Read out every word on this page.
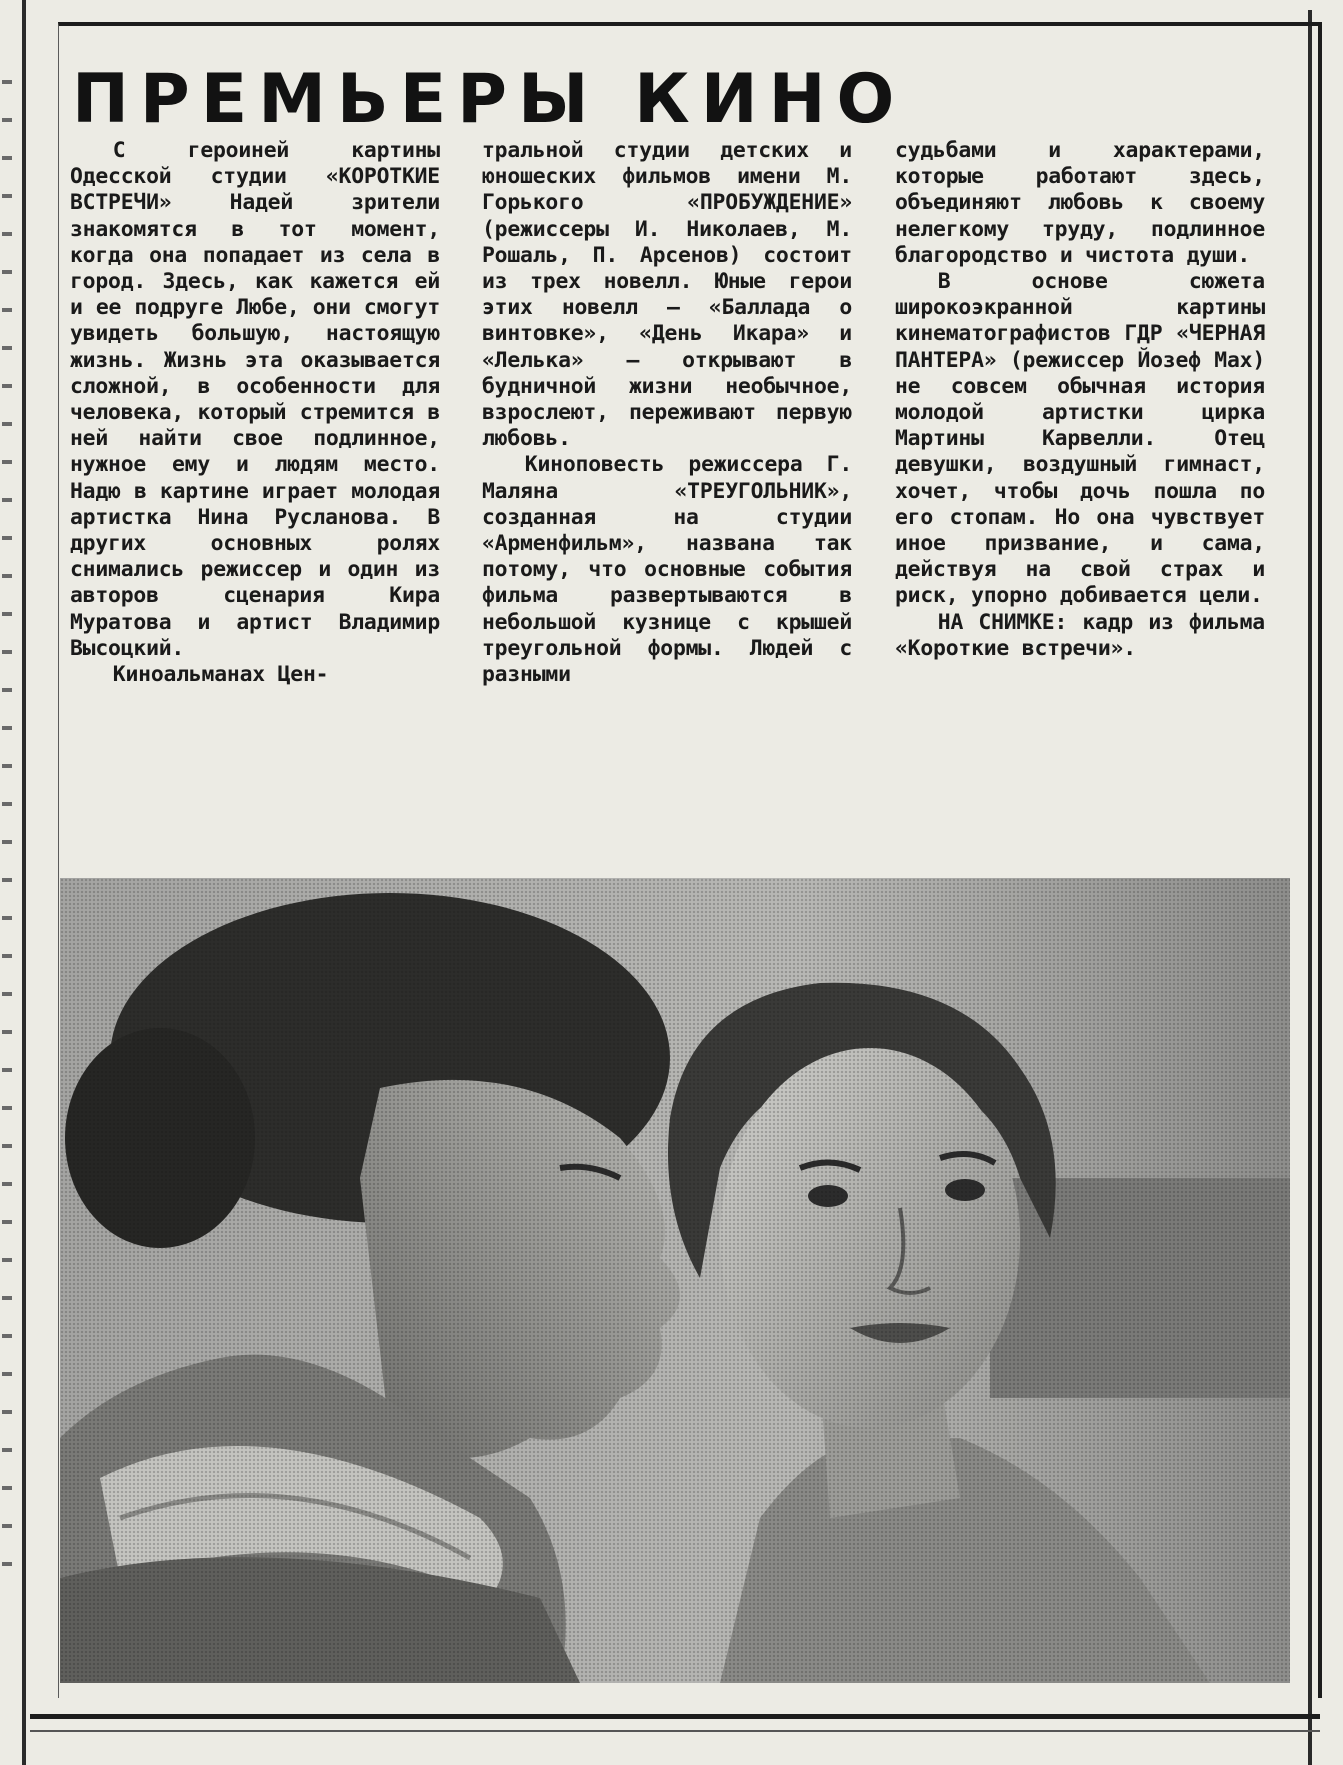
ПРЕМЬЕРЫ КИНО

С героиней картины Одесской студии «КОРОТКИЕ ВСТРЕЧИ» Надей зрители знакомятся в тот момент, когда она попадает из села в город. Здесь, как кажется ей и ее подруге Любе, они смогут увидеть большую, настоящую жизнь. Жизнь эта оказывается сложной, в особенности для человека, который стремится в ней найти свое подлинное, нужное ему и людям место. Надю в картине играет молодая артистка Нина Русланова. В других основных ролях снимались режиссер и один из авторов сценария Кира Муратова и артист Владимир Высоцкий.

Киноальманах Цен-

тральной студии детских и юношеских фильмов имени М. Горького «ПРОБУЖДЕНИЕ» (режиссеры И. Николаев, М. Рошаль, П. Арсенов) состоит из трех новелл. Юные герои этих новелл — «Баллада о винтовке», «День Икара» и «Лелька» — открывают в будничной жизни необычное, взрослеют, переживают первую любовь.

Киноповесть режиссера Г. Маляна «ТРЕУГОЛЬНИК», созданная на студии «Арменфильм», названа так потому, что основные события фильма развертываются в небольшой кузнице с крышей треугольной формы. Людей с разными

судьбами и характерами, которые работают здесь, объединяют любовь к своему нелегкому труду, подлинное благородство и чистота души.

В основе сюжета широкоэкранной картины кинематографистов ГДР «ЧЕРНАЯ ПАНТЕРА» (режиссер Йозеф Мах) не совсем обычная история молодой артистки цирка Мартины Карвелли. Отец девушки, воздушный гимнаст, хочет, чтобы дочь пошла по его стопам. Но она чувствует иное призвание, и сама, действуя на свой страх и риск, упорно добивается цели.

НА СНИМКЕ: кадр из фильма «Короткие встречи».
